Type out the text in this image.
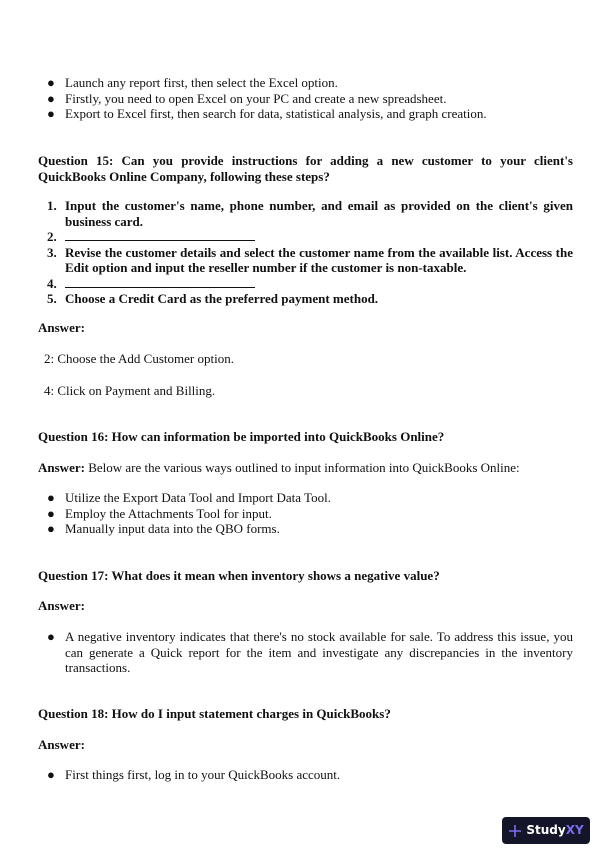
● Launch any report first, then select the Excel option.
● Firstly, you need to open Excel on your PC and create a new spreadsheet.
● Export to Excel first, then search for data, statistical analysis, and graph creation.
Question 15: Can you provide instructions for adding a new customer to your client's QuickBooks Online Company, following these steps?
1. Input the customer's name, phone number, and email as provided on the client's given business card.
2.
3. Revise the customer details and select the customer name from the available list. Access the Edit option and input the reseller number if the customer is non-taxable.
4.
5. Choose a Credit Card as the preferred payment method.
Answer:
2: Choose the Add Customer option.
4: Click on Payment and Billing.
Question 16: How can information be imported into QuickBooks Online?
Answer: Below are the various ways outlined to input information into QuickBooks Online:
● Utilize the Export Data Tool and Import Data Tool.
● Employ the Attachments Tool for input.
● Manually input data into the QBO forms.
Question 17: What does it mean when inventory shows a negative value?
Answer:
● A negative inventory indicates that there's no stock available for sale. To address this issue, you can generate a Quick report for the item and investigate any discrepancies in the inventory transactions.
Question 18: How do I input statement charges in QuickBooks?
Answer:
● First things first, log in to your QuickBooks account.
StudyXY
